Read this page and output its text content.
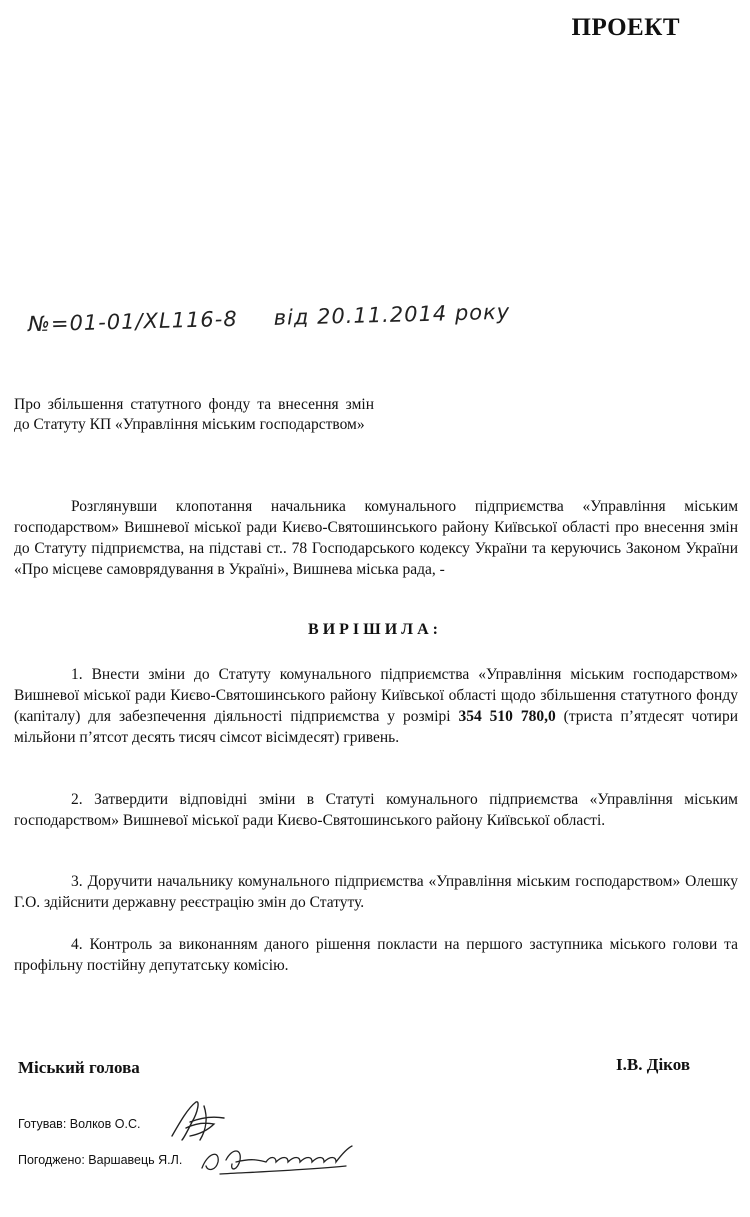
ПРОЕКТ
№=01-01/XL116-8 від 20.11.2014 року
Про збільшення статутного фонду та внесення змін до Статуту КП «Управління міським господарством»
Розглянувши клопотання начальника комунального підприємства «Управління міським господарством» Вишневої міської ради Києво-Святошинського району Київської області про внесення змін до Статуту підприємства, на підставі ст.. 78 Господарського кодексу України та керуючись Законом України «Про місцеве самоврядування в Україні», Вишнева міська рада, -
ВИРІШИЛА:
1. Внести зміни до Статуту комунального підприємства «Управління міським господарством» Вишневої міської ради Києво-Святошинського району Київської області щодо збільшення статутного фонду (капіталу) для забезпечення діяльності підприємства у розмірі 354 510 780,0 (триста п’ятдесят чотири мільйони п’ятсот десять тисяч сімсот вісімдесят) гривень.
2. Затвердити відповідні зміни в Статуті комунального підприємства «Управління міським господарством» Вишневої міської ради Києво-Святошинського району Київської області.
3. Доручити начальнику комунального підприємства «Управління міським господарством» Олешку Г.О. здійснити державну реєстрацію змін до Статуту.
4. Контроль за виконанням даного рішення покласти на першого заступника міського голови та профільну постійну депутатську комісію.
Міський голова	І.В. Діков
Готував: Волков О.С.
Погоджено: Варшавець Я.Л.
